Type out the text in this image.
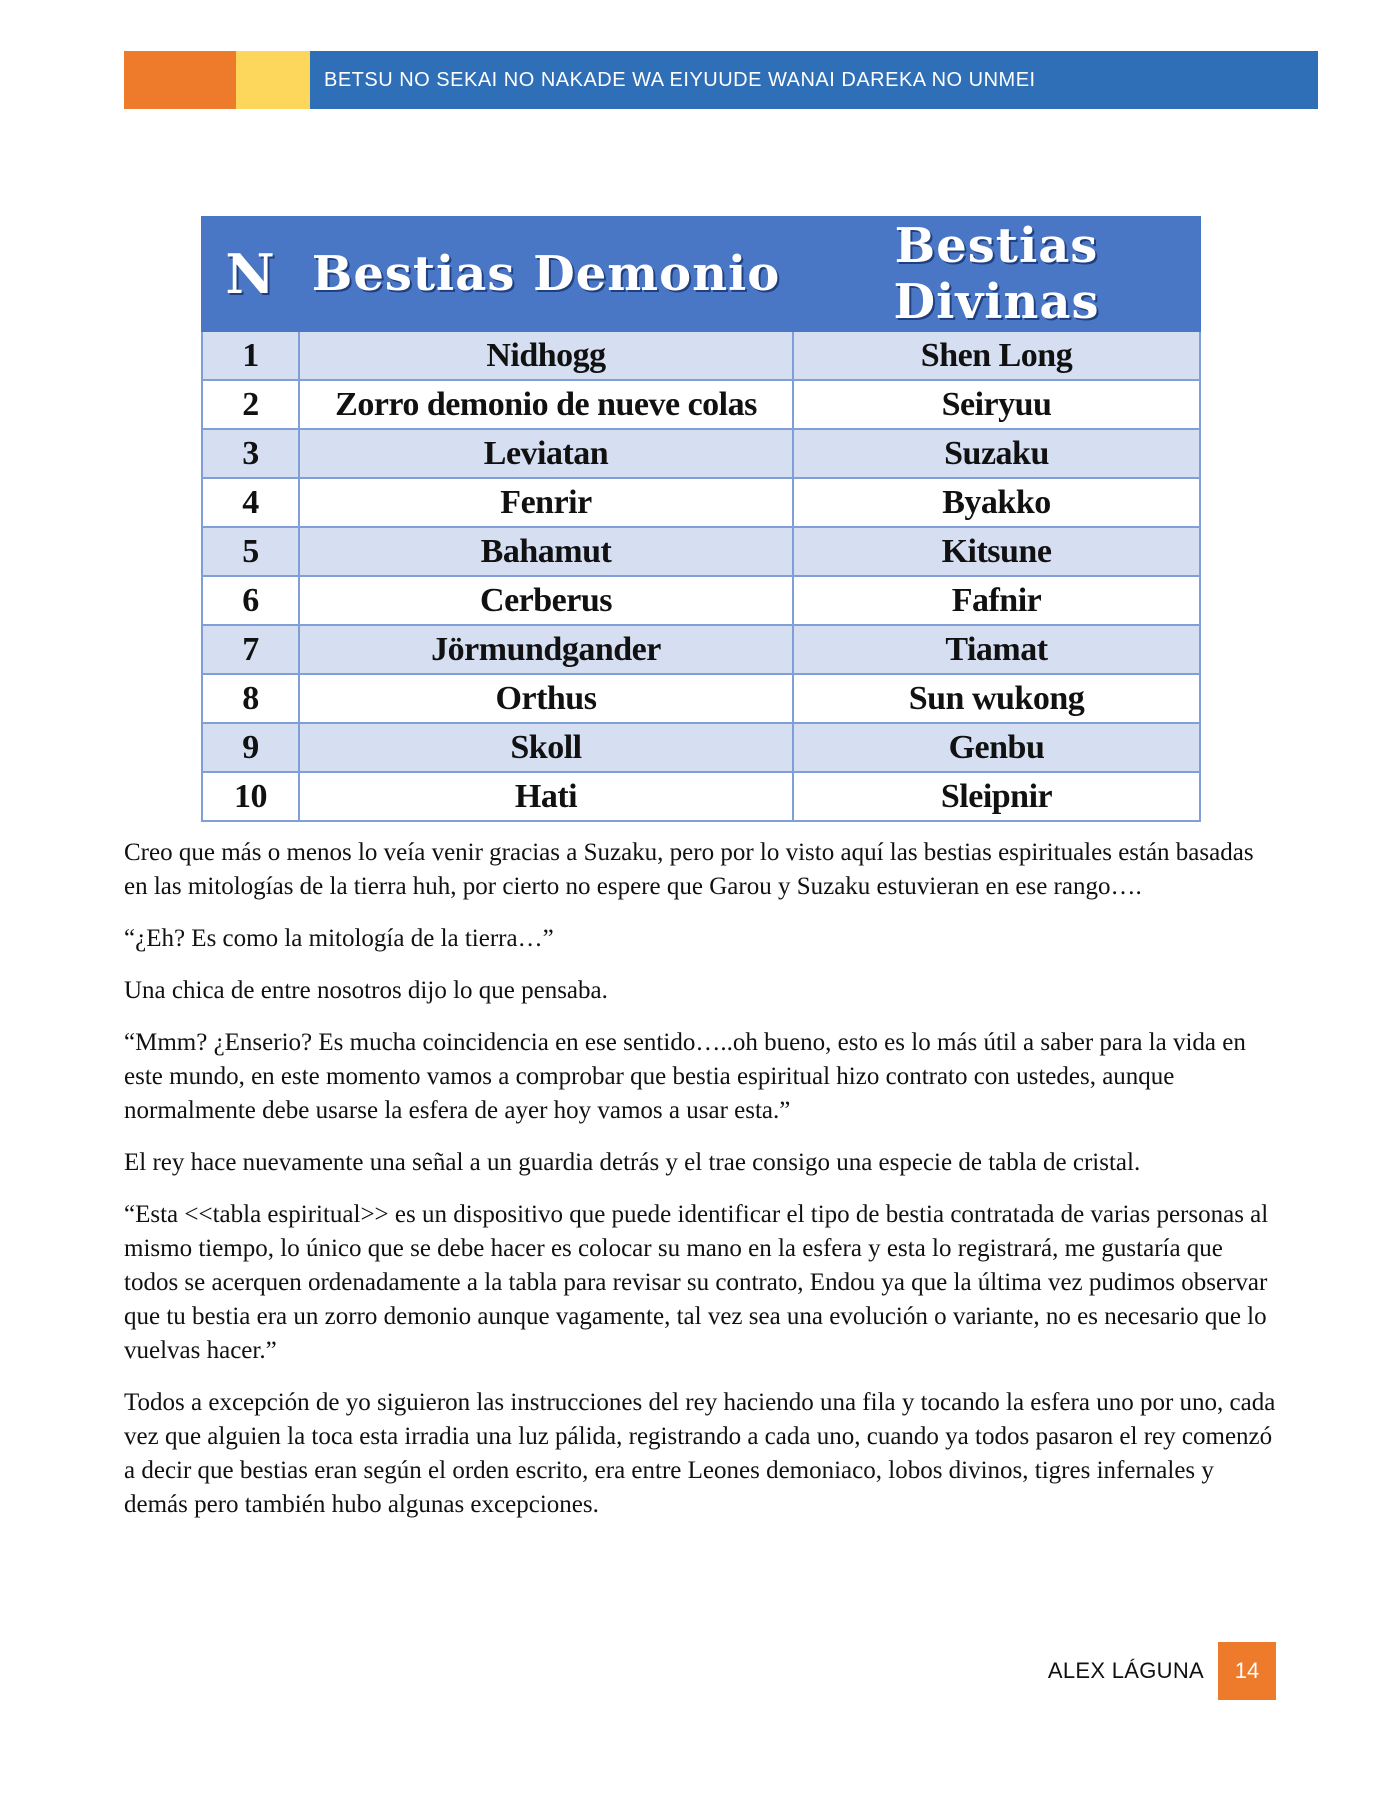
BETSU NO SEKAI NO NAKADE WA EIYUUDE WANAI DAREKA NO UNMEI
N	Bestias Demonio	Bestias Divinas
1	Nidhogg	Shen Long
2	Zorro demonio de nueve colas	Seiryuu
3	Leviatan	Suzaku
4	Fenrir	Byakko
5	Bahamut	Kitsune
6	Cerberus	Fafnir
7	Jörmundgander	Tiamat
8	Orthus	Sun wukong
9	Skoll	Genbu
10	Hati	Sleipnir

Creo que más o menos lo veía venir gracias a Suzaku, pero por lo visto aquí las bestias espirituales están basadas en las mitologías de la tierra huh, por cierto no espere que Garou y Suzaku estuvieran en ese rango….

“¿Eh? Es como la mitología de la tierra…”

Una chica de entre nosotros dijo lo que pensaba.

“Mmm? ¿Enserio? Es mucha coincidencia en ese sentido…..oh bueno, esto es lo más útil a saber para la vida en este mundo, en este momento vamos a comprobar que bestia espiritual hizo contrato con ustedes, aunque normalmente debe usarse la esfera de ayer hoy vamos a usar esta.”

El rey hace nuevamente una señal a un guardia detrás y el trae consigo una especie de tabla de cristal.

“Esta <<tabla espiritual>> es un dispositivo que puede identificar el tipo de bestia contratada de varias personas al mismo tiempo, lo único que se debe hacer es colocar su mano en la esfera y esta lo registrará, me gustaría que todos se acerquen ordenadamente a la tabla para revisar su contrato, Endou ya que la última vez pudimos observar que tu bestia era un zorro demonio aunque vagamente, tal vez sea una evolución o variante, no es necesario que lo vuelvas hacer.”

Todos a excepción de yo siguieron las instrucciones del rey haciendo una fila y tocando la esfera uno por uno, cada vez que alguien la toca esta irradia una luz pálida, registrando a cada uno, cuando ya todos pasaron el rey comenzó a decir que bestias eran según el orden escrito, era entre Leones demoniaco, lobos divinos, tigres infernales y demás pero también hubo algunas excepciones.

ALEX LÁGUNA 14
